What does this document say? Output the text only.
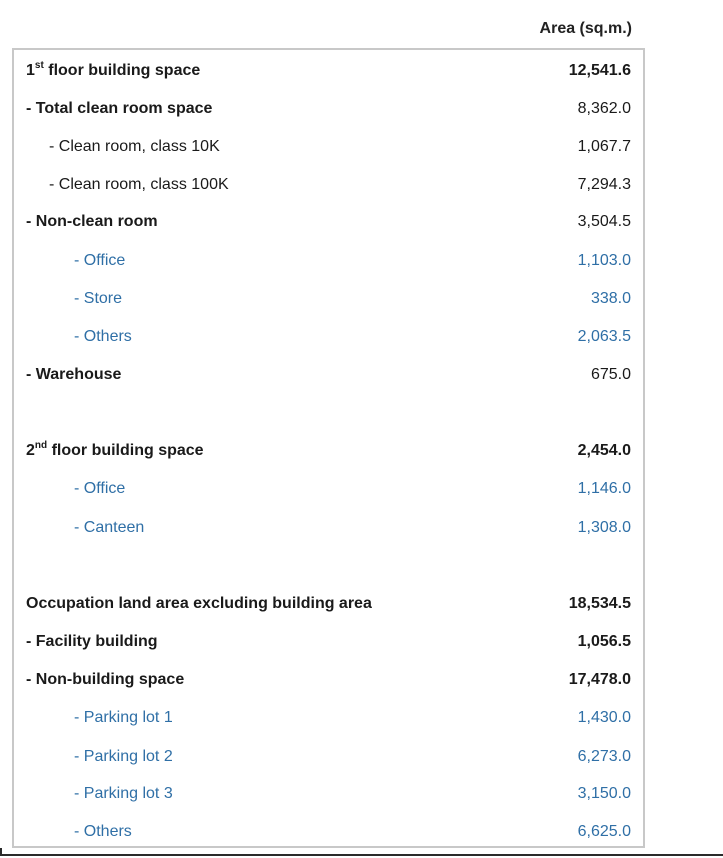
Area (sq.m.)
1st floor building space	12,541.6
- Total clean room space	8,362.0
- Clean room, class 10K	1,067.7
- Clean room, class 100K	7,294.3
- Non-clean room	3,504.5
- Office	1,103.0
- Store	338.0
- Others	2,063.5
- Warehouse	675.0
2nd floor building space	2,454.0
- Office	1,146.0
- Canteen	1,308.0
Occupation land area excluding building area	18,534.5
- Facility building	1,056.5
- Non-building space	17,478.0
- Parking lot 1	1,430.0
- Parking lot 2	6,273.0
- Parking lot 3	3,150.0
- Others	6,625.0
